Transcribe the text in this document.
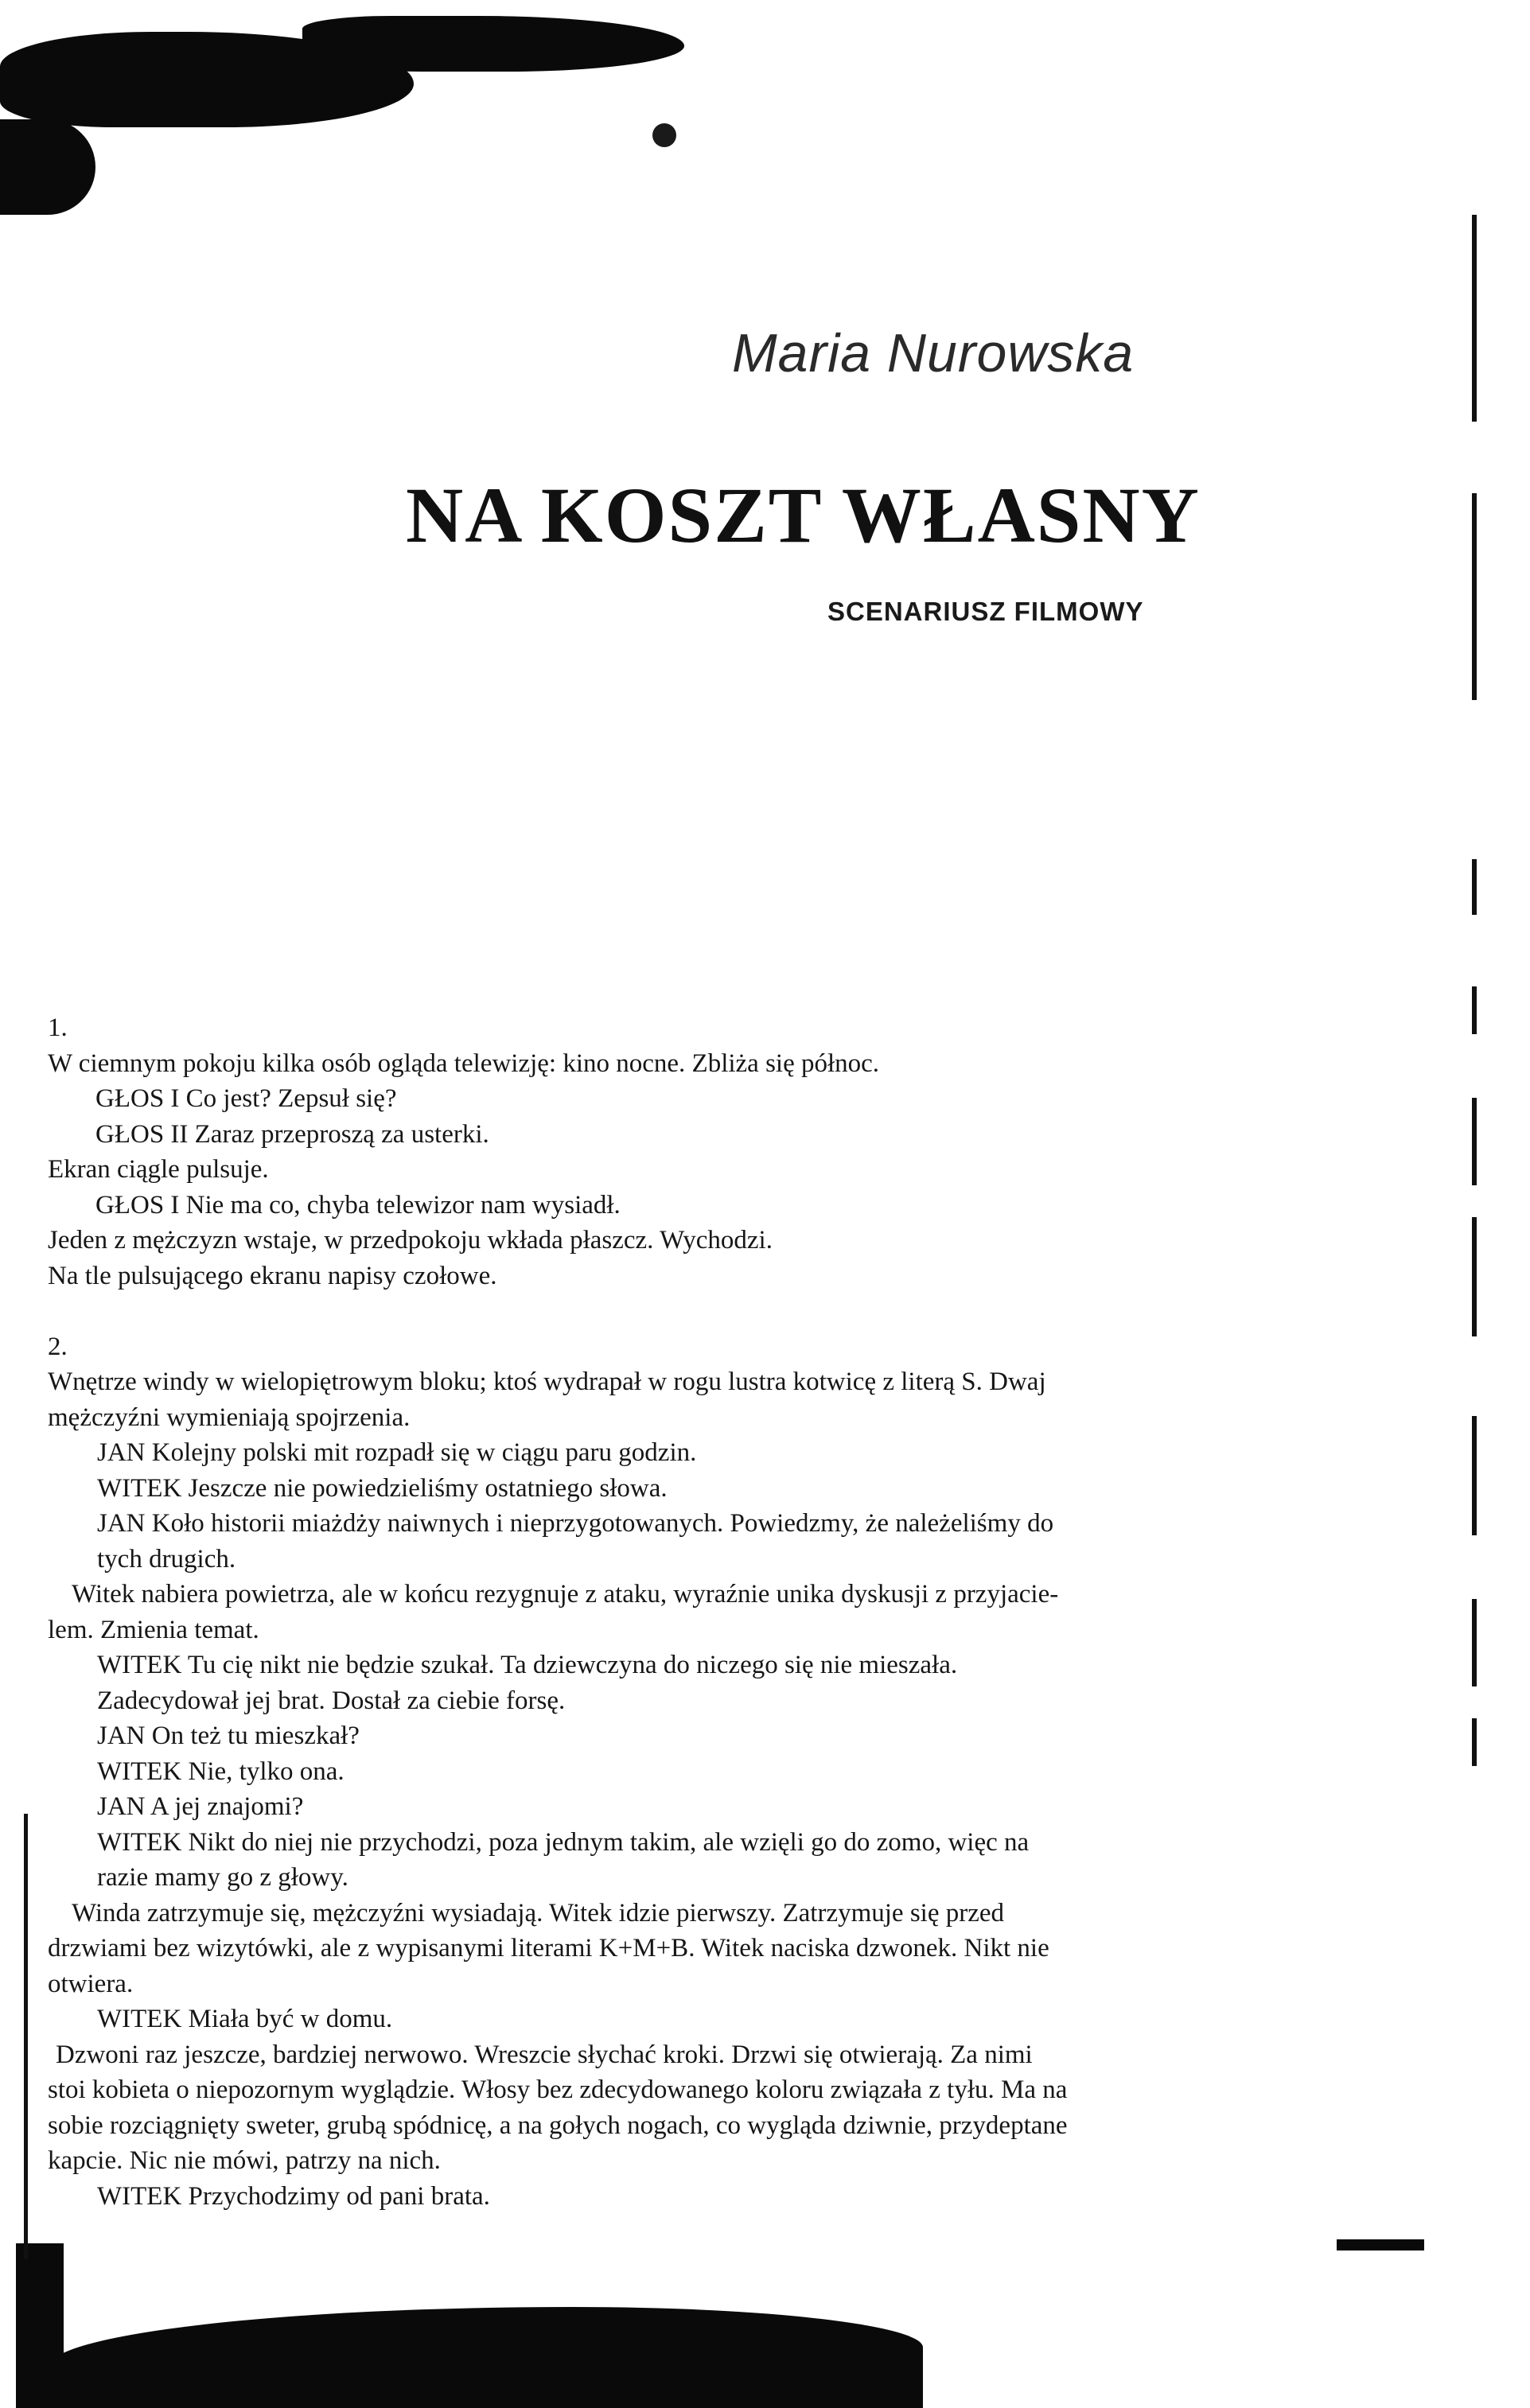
Maria Nurowska
NA KOSZT WŁASNY
SCENARIUSZ FILMOWY
1.
W ciemnym pokoju kilka osób ogląda telewizję: kino nocne. Zbliża się północ.
GŁOS I Co jest? Zepsuł się?
GŁOS II Zaraz przeproszą za usterki.
Ekran ciągle pulsuje.
GŁOS I Nie ma co, chyba telewizor nam wysiadł.
Jeden z mężczyzn wstaje, w przedpokoju wkłada płaszcz. Wychodzi.
Na tle pulsującego ekranu napisy czołowe.
2.
Wnętrze windy w wielopiętrowym bloku; ktoś wydrapał w rogu lustra kotwicę z literą S. Dwaj
mężczyźni wymieniają spojrzenia.
JAN Kolejny polski mit rozpadł się w ciągu paru godzin.
WITEK Jeszcze nie powiedzieliśmy ostatniego słowa.
JAN Koło historii miażdży naiwnych i nieprzygotowanych. Powiedzmy, że należeliśmy do
tych drugich.
Witek nabiera powietrza, ale w końcu rezygnuje z ataku, wyraźnie unika dyskusji z przyjacie-
lem. Zmienia temat.
WITEK Tu cię nikt nie będzie szukał. Ta dziewczyna do niczego się nie mieszała.
Zadecydował jej brat. Dostał za ciebie forsę.
JAN On też tu mieszkał?
WITEK Nie, tylko ona.
JAN A jej znajomi?
WITEK Nikt do niej nie przychodzi, poza jednym takim, ale wzięli go do zomo, więc na
razie mamy go z głowy.
Winda zatrzymuje się, mężczyźni wysiadają. Witek idzie pierwszy. Zatrzymuje się przed
drzwiami bez wizytówki, ale z wypisanymi literami K+M+B. Witek naciska dzwonek. Nikt nie
otwiera.
WITEK Miała być w domu.
Dzwoni raz jeszcze, bardziej nerwowo. Wreszcie słychać kroki. Drzwi się otwierają. Za nimi
stoi kobieta o niepozornym wyglądzie. Włosy bez zdecydowanego koloru związała z tyłu. Ma na
sobie rozciągnięty sweter, grubą spódnicę, a na gołych nogach, co wygląda dziwnie, przydeptane
kapcie. Nic nie mówi, patrzy na nich.
WITEK Przychodzimy od pani brata.
